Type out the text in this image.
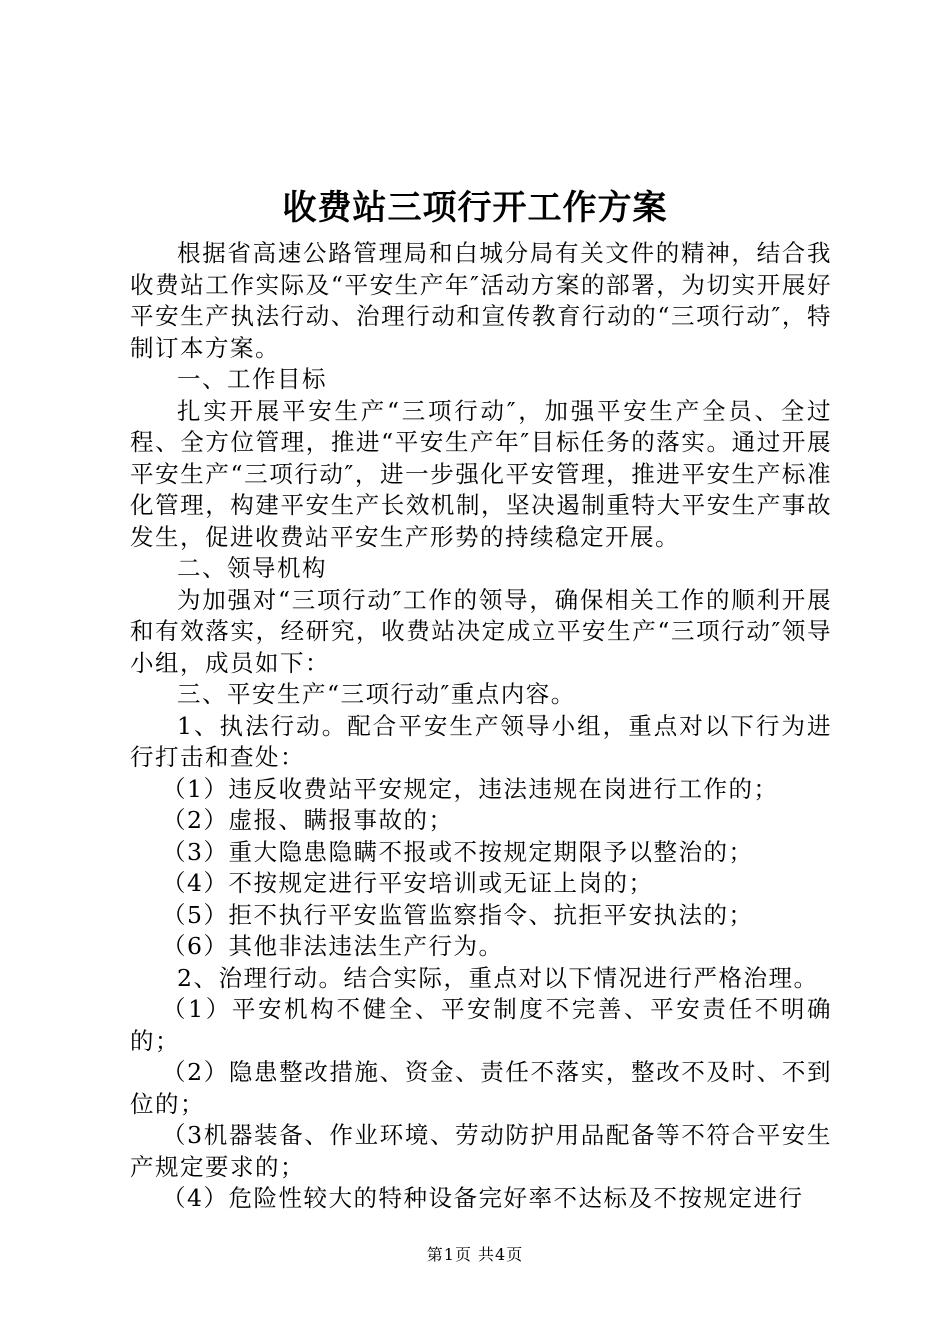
收费站三项行开工作方案

根据省高速公路管理局和白城分局有关文件的精神，结合我收费站工作实际及“平安生产年″活动方案的部署，为切实开展好平安生产执法行动、治理行动和宣传教育行动的“三项行动″，特制订本方案。

一、工作目标

扎实开展平安生产“三项行动″，加强平安生产全员、全过程、全方位管理，推进“平安生产年″目标任务的落实。通过开展平安生产“三项行动″，进一步强化平安管理，推进平安生产标准化管理，构建平安生产长效机制，坚决遏制重特大平安生产事故发生，促进收费站平安生产形势的持续稳定开展。

二、领导机构

为加强对“三项行动″工作的领导，确保相关工作的顺利开展和有效落实，经研究，收费站决定成立平安生产“三项行动″领导小组，成员如下：

三、平安生产“三项行动″重点内容。

1、执法行动。配合平安生产领导小组，重点对以下行为进行打击和查处：

（1）违反收费站平安规定，违法违规在岗进行工作的；

（2）虚报、瞒报事故的；

（3）重大隐患隐瞒不报或不按规定期限予以整治的；

（4）不按规定进行平安培训或无证上岗的；

（5）拒不执行平安监管监察指令、抗拒平安执法的；

（6）其他非法违法生产行为。

2、治理行动。结合实际，重点对以下情况进行严格治理。

（1）平安机构不健全、平安制度不完善、平安责任不明确的；

（2）隐患整改措施、资金、责任不落实，整改不及时、不到位的；

（3机器装备、作业环境、劳动防护用品配备等不符合平安生产规定要求的；

（4）危险性较大的特种设备完好率不达标及不按规定进行

第1页 共4页
